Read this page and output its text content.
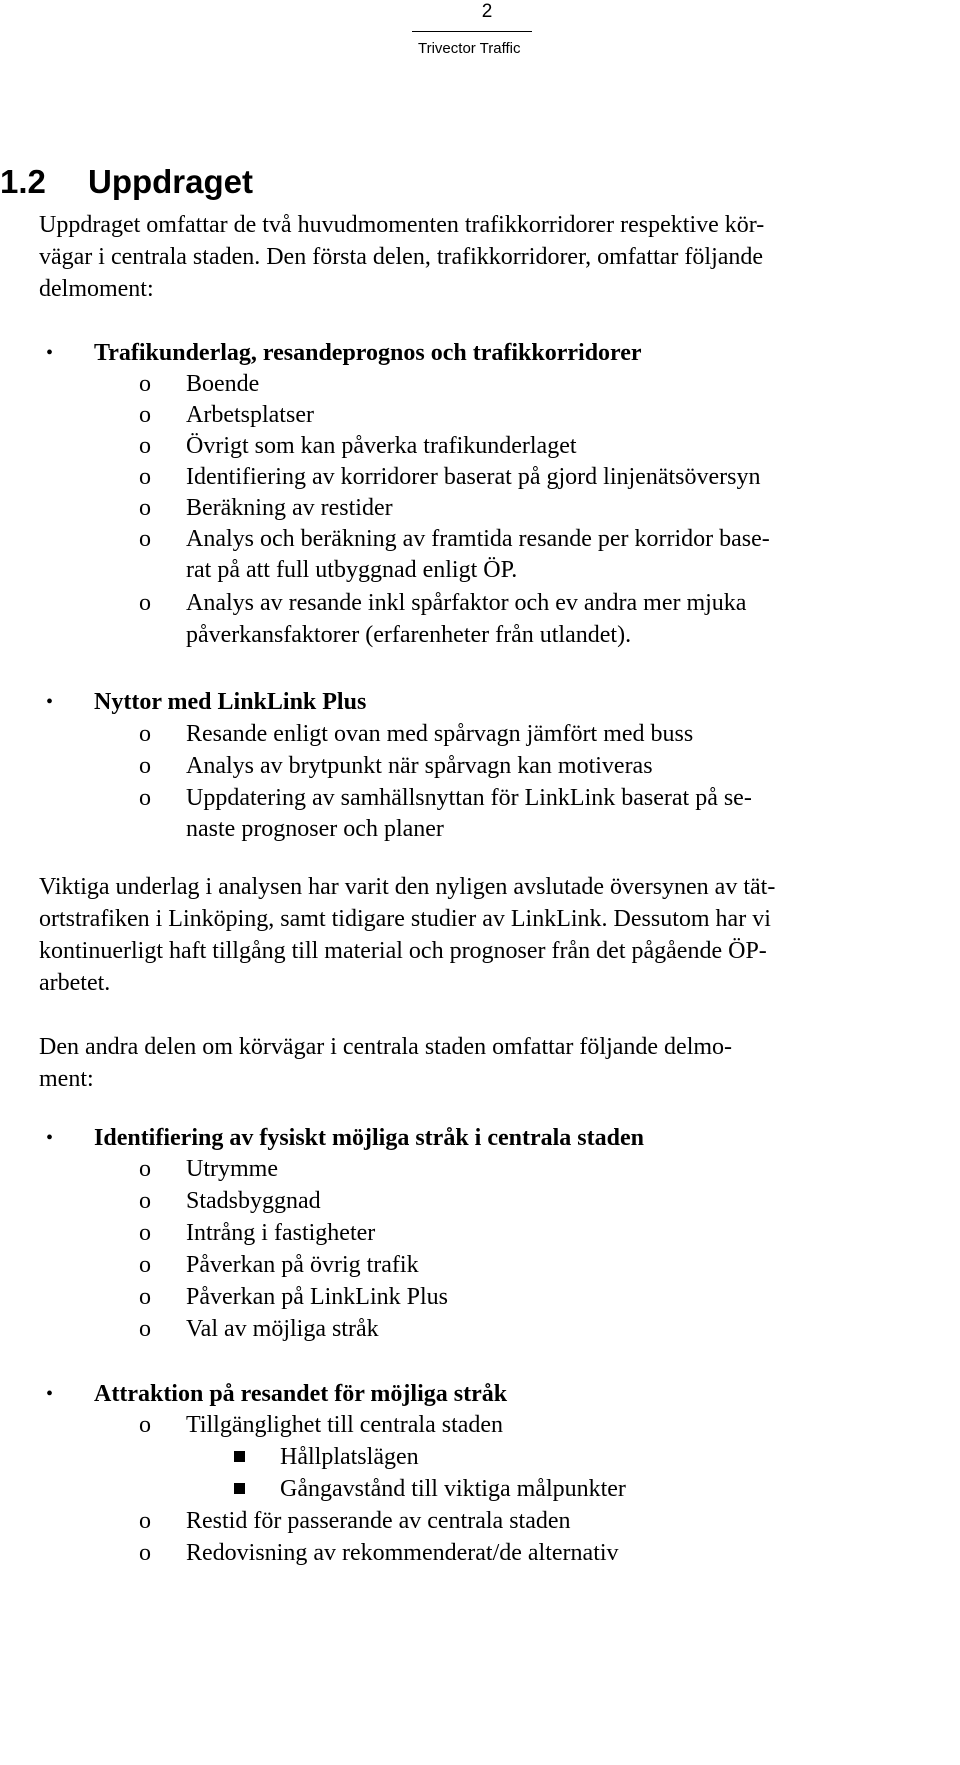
2
Trivector Traffic
1.2 Uppdraget
Uppdraget omfattar de två huvudmomenten trafikkorridorer respektive kör-
vägar i centrala staden. Den första delen, trafikkorridorer, omfattar följande
delmoment:
• Trafikunderlag, resandeprognos och trafikkorridorer
o Boende
o Arbetsplatser
o Övrigt som kan påverka trafikunderlaget
o Identifiering av korridorer baserat på gjord linjenätsöversyn
o Beräkning av restider
o Analys och beräkning av framtida resande per korridor base-
rat på att full utbyggnad enligt ÖP.
o Analys av resande inkl spårfaktor och ev andra mer mjuka
påverkansfaktorer (erfarenheter från utlandet).
• Nyttor med LinkLink Plus
o Resande enligt ovan med spårvagn jämfört med buss
o Analys av brytpunkt när spårvagn kan motiveras
o Uppdatering av samhällsnyttan för LinkLink baserat på se-
naste prognoser och planer
Viktiga underlag i analysen har varit den nyligen avslutade översynen av tät-
ortstrafiken i Linköping, samt tidigare studier av LinkLink. Dessutom har vi
kontinuerligt haft tillgång till material och prognoser från det pågående ÖP-
arbetet.
Den andra delen om körvägar i centrala staden omfattar följande delmo-
ment:
• Identifiering av fysiskt möjliga stråk i centrala staden
o Utrymme
o Stadsbyggnad
o Intrång i fastigheter
o Påverkan på övrig trafik
o Påverkan på LinkLink Plus
o Val av möjliga stråk
• Attraktion på resandet för möjliga stråk
o Tillgänglighet till centrala staden
Hållplatslägen
Gångavstånd till viktiga målpunkter
o Restid för passerande av centrala staden
o Redovisning av rekommenderat/de alternativ
